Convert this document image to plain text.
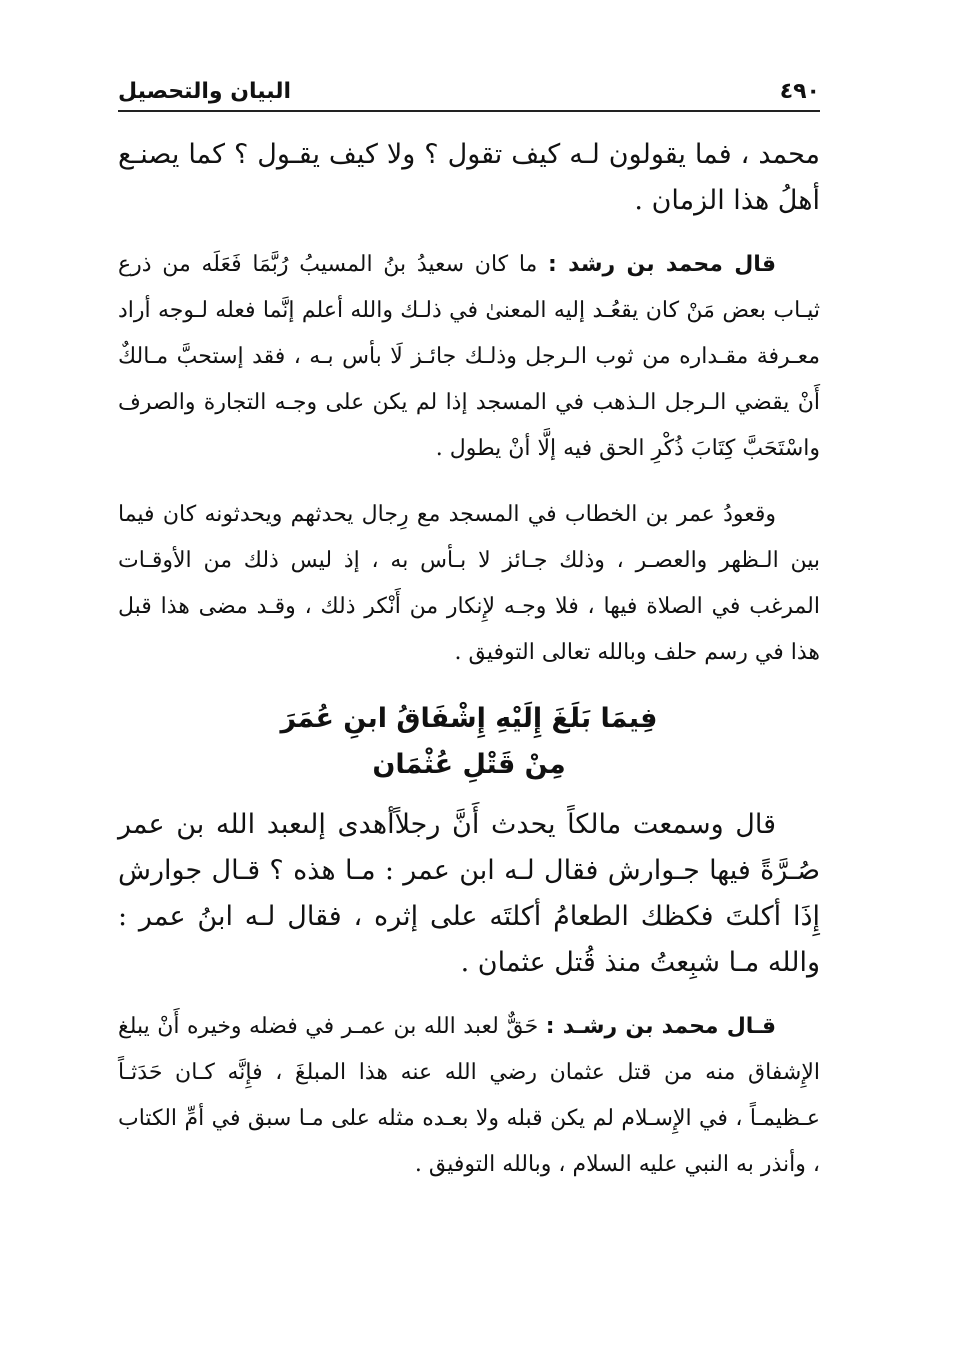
البيان والتحصيل	٤٩٠

محمد ، فما يقولون لـه كيف تقول ؟ ولا كيف يقـول ؟ كما يصنـع أهلُ هذا الزمان .

قال محمد بن رشد : ما كان سعيدُ بنُ المسيبُ رُبَّمَا فَعَلَه من ذرع ثيـاب بعض مَنْ كان يقعُـد إليه المعنىٰ في ذلـك والله أعلم إنَّما فعله لـوجه أراد معـرفة مقـداره من ثوب الـرجل وذلـك جائـز لَا بأس بـه ، فقد إستحبَّ مـالكٌ أَنْ يقضي الـرجل الـذهب في المسجد إذا لم يكن على وجـه التجارة والصرف واسْتَحَبَّ كِتَابَ ذُكْرِ الحق فيه إلَّا أنْ يطول .

وقعودُ عمر بن الخطاب في المسجد مع رِجال يحدثهم ويحدثونه كان فيما بين الـظهر والعصـر ، وذلك جـائز لا بـأس به ، إذ ليس ذلك من الأوقـات المرغب في الصلاة فيها ، فلا وجـه لإِنكار من أَنْكر ذلك ، وقـد مضى هذا قبل هذا في رسم حلف وبالله تعالى التوفيق .

فِيمَا بَلَغَ إِلَيْهِ إِشْفَاقُ ابنِ عُمَرَ
مِنْ قَتْلِ عُثْمَان

قال وسمعت مالكاً يحدث أَنَّ رجلاًأهدى إلىعبد الله بن عمر صُـرَّةً فيها جـوارش فقال لـه ابن عمر : مـا هذه ؟ قـال جوارش إِذَا أكلتَ فكظك الطعامُ أكلتَه على إثره ، فقال لـه ابنُ عمر : والله مـا شبِعتُ منذ قُتل عثمان .

قـال محمد بن رشـد : حَقٌّ لعبد الله بن عمـر في فضله وخيره أَنْ يبلغ الإِشفاق منه من قتل عثمان رضي الله عنه هذا المبلغَ ، فإِنَّه كـان حَدَثـاً عـظيمـاً ، في الإِسـلام لم يكن قبله ولا بعـده مثله على مـا سبق في أمِّ الكتاب ، وأنذر به النبي عليه السلام ، وبالله التوفيق .
